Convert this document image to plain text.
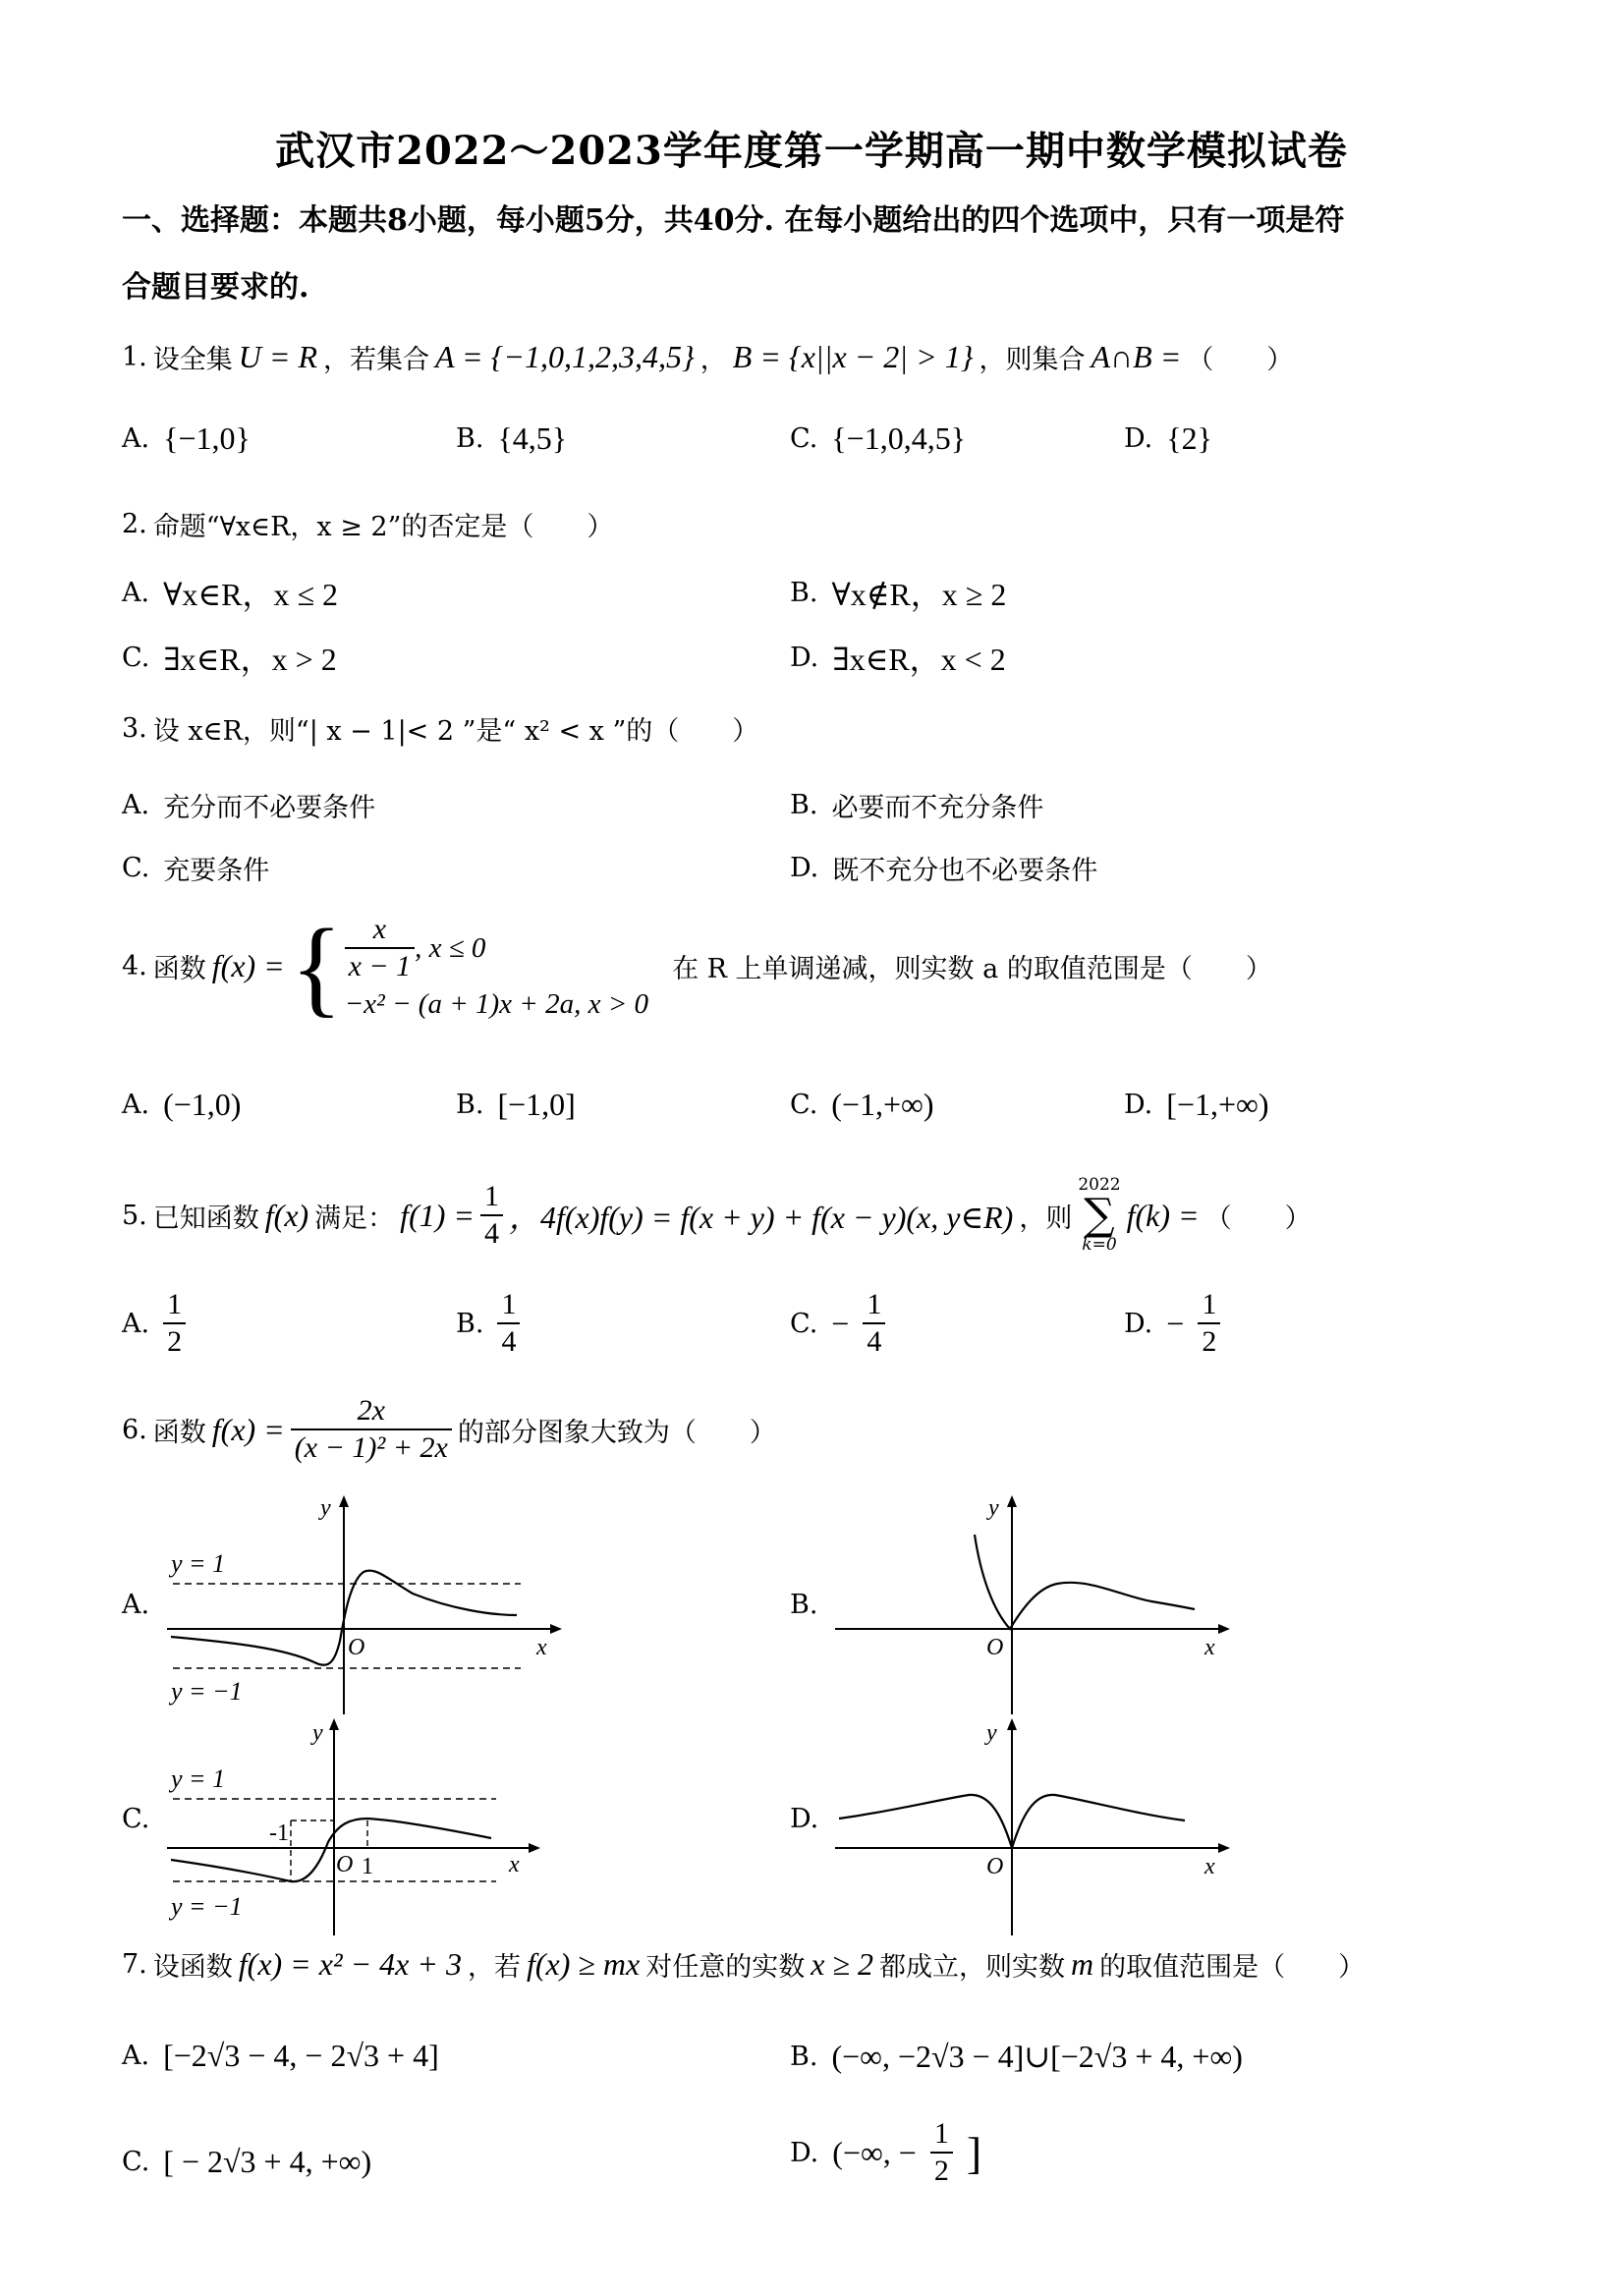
武汉市2022～2023学年度第一学期高一期中数学模拟试卷
一、选择题：本题共8小题，每小题5分，共40分. 在每小题给出的四个选项中，只有一项是符
合题目要求的.
1. 设全集 U = R ，若集合 A = {−1,0,1,2,3,4,5} ， B = {x||x − 2| > 1} ，则集合 A∩B = （　　）
A. {−1,0}	B. {4,5}	C. {−1,0,4,5}	D. {2}
2. 命题“∀x∈R，x ≥ 2”的否定是（　　）
A. ∀x∈R，x ≤ 2	B. ∀x∉R，x ≥ 2
C. ∃x∈R，x > 2	D. ∃x∈R，x < 2
3. 设 x∈R，则“| x − 1|< 2 ”是“ x² < x ”的（　　）
A. 充分而不必要条件	B. 必要而不充分条件
C. 充要条件	D. 既不充分也不必要条件
4. 函数 f(x) = { $\frac{x}{x - 1}$ , x ≤ 0
−x² − (a + 1)x + 2a, x > 0
在 R 上单调递减，则实数 a 的取值范围是（　　）
A. (−1,0)	B. [−1,0]	C. (−1,+∞)	D. [−1,+∞)
5. 已知函数 f(x) 满足： $f(1) = \frac{1}{4}$ ，4f(x)f(y) = f(x + y) + f(x − y)(x, y∈R) ，则
2022
∑
k=0
f(k) = （　　）
A. $\frac{1}{2}$	B. $\frac{1}{4}$	C. − $\frac{1}{4}$	D. − $\frac{1}{2}$
6. 函数 $f(x) = \frac{2x}{\text{(x − 1)² + 2x}}$ 的部分图象大致为（　　）
A.	B.
C.	D.
y = 1
y = −1
y
x
O
y
x
O
y = 1
y = −1
-1
y
x
O 1
y
x
O
7. 设函数 f(x) = x² − 4x + 3 ，若 f(x) ≥ mx 对任意的实数 x ≥ 2 都成立，则实数 m 的取值范围是（　　）
A. [−2√3 − 4, − 2√3 + 4]	B. (−∞, −2√3 − 4]∪[−2√3 + 4, +∞)
C. [ − 2√3 + 4, +∞)	D. (−∞, − $\frac{1}{2}$ ]
